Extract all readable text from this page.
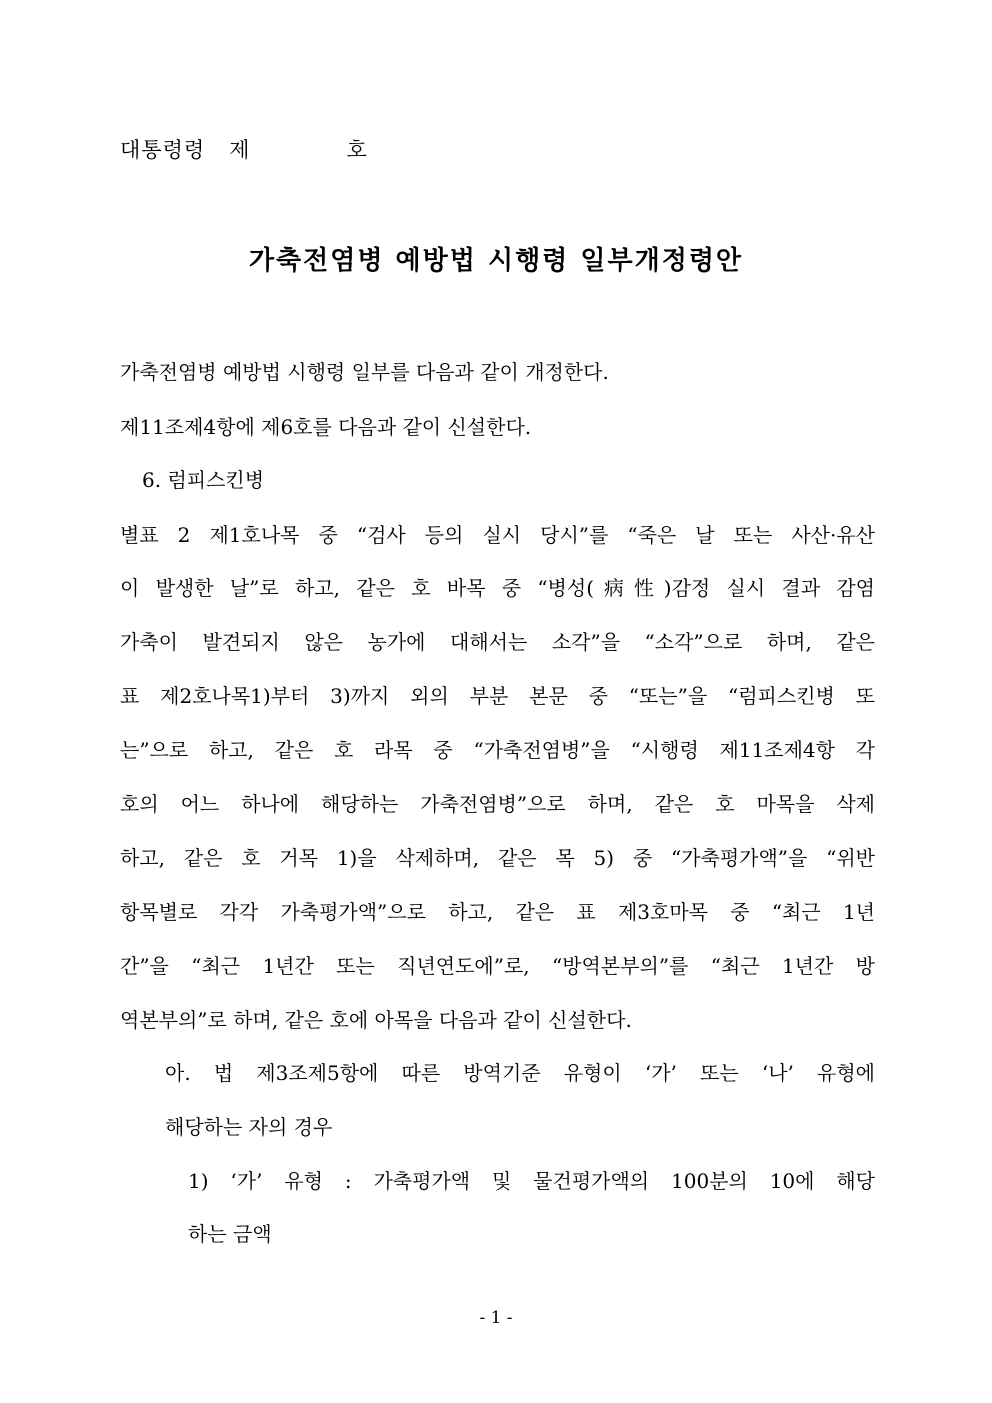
대통령령 제	호
가축전염병 예방법 시행령 일부개정령안
가축전염병 예방법 시행령 일부를 다음과 같이 개정한다.
제11조제4항에 제6호를 다음과 같이 신설한다.
6. 럼피스킨병
별표 2 제1호나목 중 “검사 등의 실시 당시”를 “죽은 날 또는 사산·유산
이 발생한 날”로 하고, 같은 호 바목 중 “병성(病性)감정 실시 결과 감염
가축이 발견되지 않은 농가에 대해서는 소각”을 “소각”으로 하며, 같은
표 제2호나목1)부터 3)까지 외의 부분 본문 중 “또는”을 “럼피스킨병 또
는”으로 하고, 같은 호 라목 중 “가축전염병”을 “시행령 제11조제4항 각
호의 어느 하나에 해당하는 가축전염병”으로 하며, 같은 호 마목을 삭제
하고, 같은 호 거목 1)을 삭제하며, 같은 목 5) 중 “가축평가액”을 “위반
항목별로 각각 가축평가액”으로 하고, 같은 표 제3호마목 중 “최근 1년
간”을 “최근 1년간 또는 직년연도에”로, “방역본부의”를 “최근 1년간 방
역본부의”로 하며, 같은 호에 아목을 다음과 같이 신설한다.
아. 법 제3조제5항에 따른 방역기준 유형이 ‘가’ 또는 ‘나’ 유형에
해당하는 자의 경우
1) ‘가’ 유형 : 가축평가액 및 물건평가액의 100분의 10에 해당
하는 금액
- 1 -
